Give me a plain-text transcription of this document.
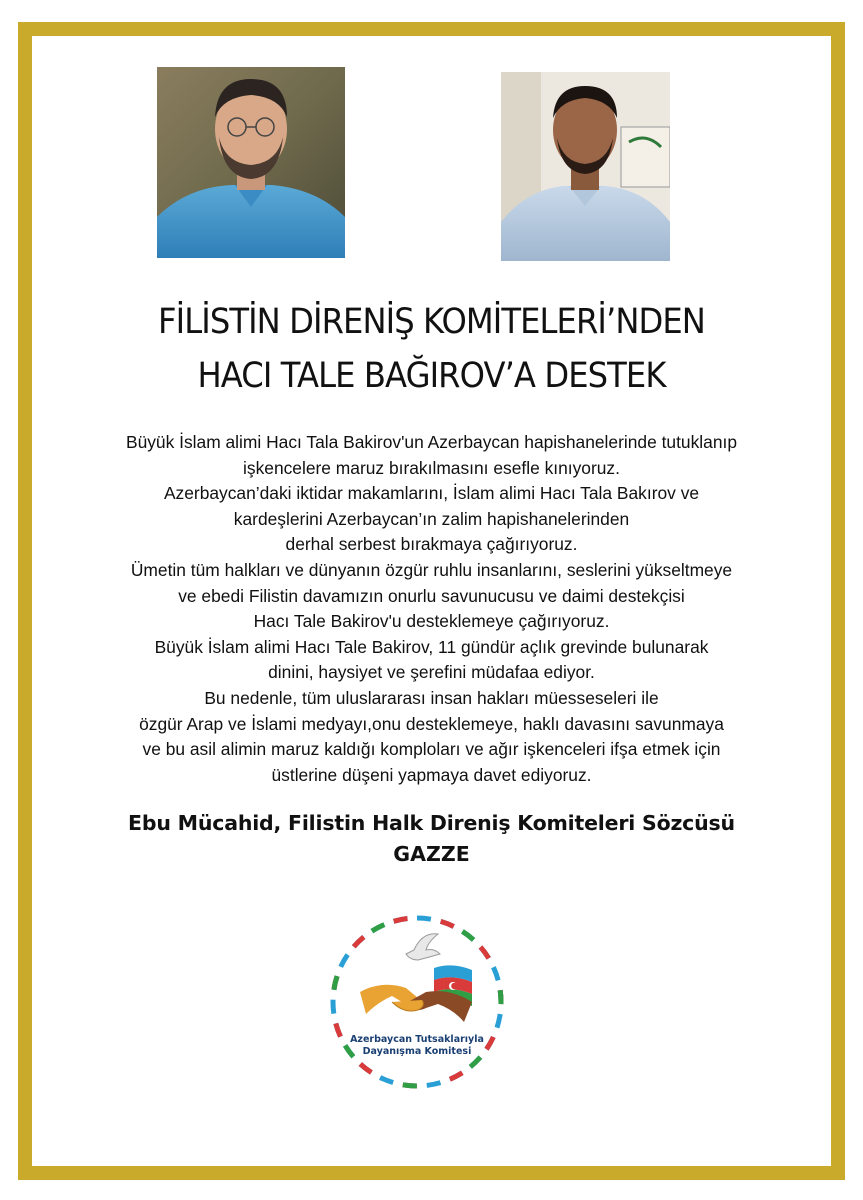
FİLİSTİN DİRENİŞ KOMİTELERİ’NDEN
HACI TALE BAĞIROV’A DESTEK
Büyük İslam alimi Hacı Tala Bakirov'un Azerbaycan hapishanelerinde tutuklanıp
işkencelere maruz bırakılmasını esefle kınıyoruz.
Azerbaycan’daki iktidar makamlarını, İslam alimi Hacı Tala Bakırov ve
kardeşlerini Azerbaycan’ın zalim hapishanelerinden
derhal serbest bırakmaya çağırıyoruz.
Ümetin tüm halkları ve dünyanın özgür ruhlu insanlarını, seslerini yükseltmeye
ve ebedi Filistin davamızın onurlu savunucusu ve daimi destekçisi
Hacı Tale Bakirov'u desteklemeye çağırıyoruz.
Büyük İslam alimi Hacı Tale Bakirov, 11 gündür açlık grevinde bulunarak
dinini, haysiyet ve şerefini müdafaa ediyor.
Bu nedenle, tüm uluslararası insan hakları müesseseleri ile
özgür Arap ve İslami medyayı,onu desteklemeye, haklı davasını savunmaya
ve bu asil alimin maruz kaldığı komploları ve ağır işkenceleri ifşa etmek için
üstlerine düşeni yapmaya davet ediyoruz.
Ebu Mücahid, Filistin Halk Direniş Komiteleri Sözcüsü
GAZZE
Azerbaycan Tutsaklarıyla
Dayanışma Komitesi
